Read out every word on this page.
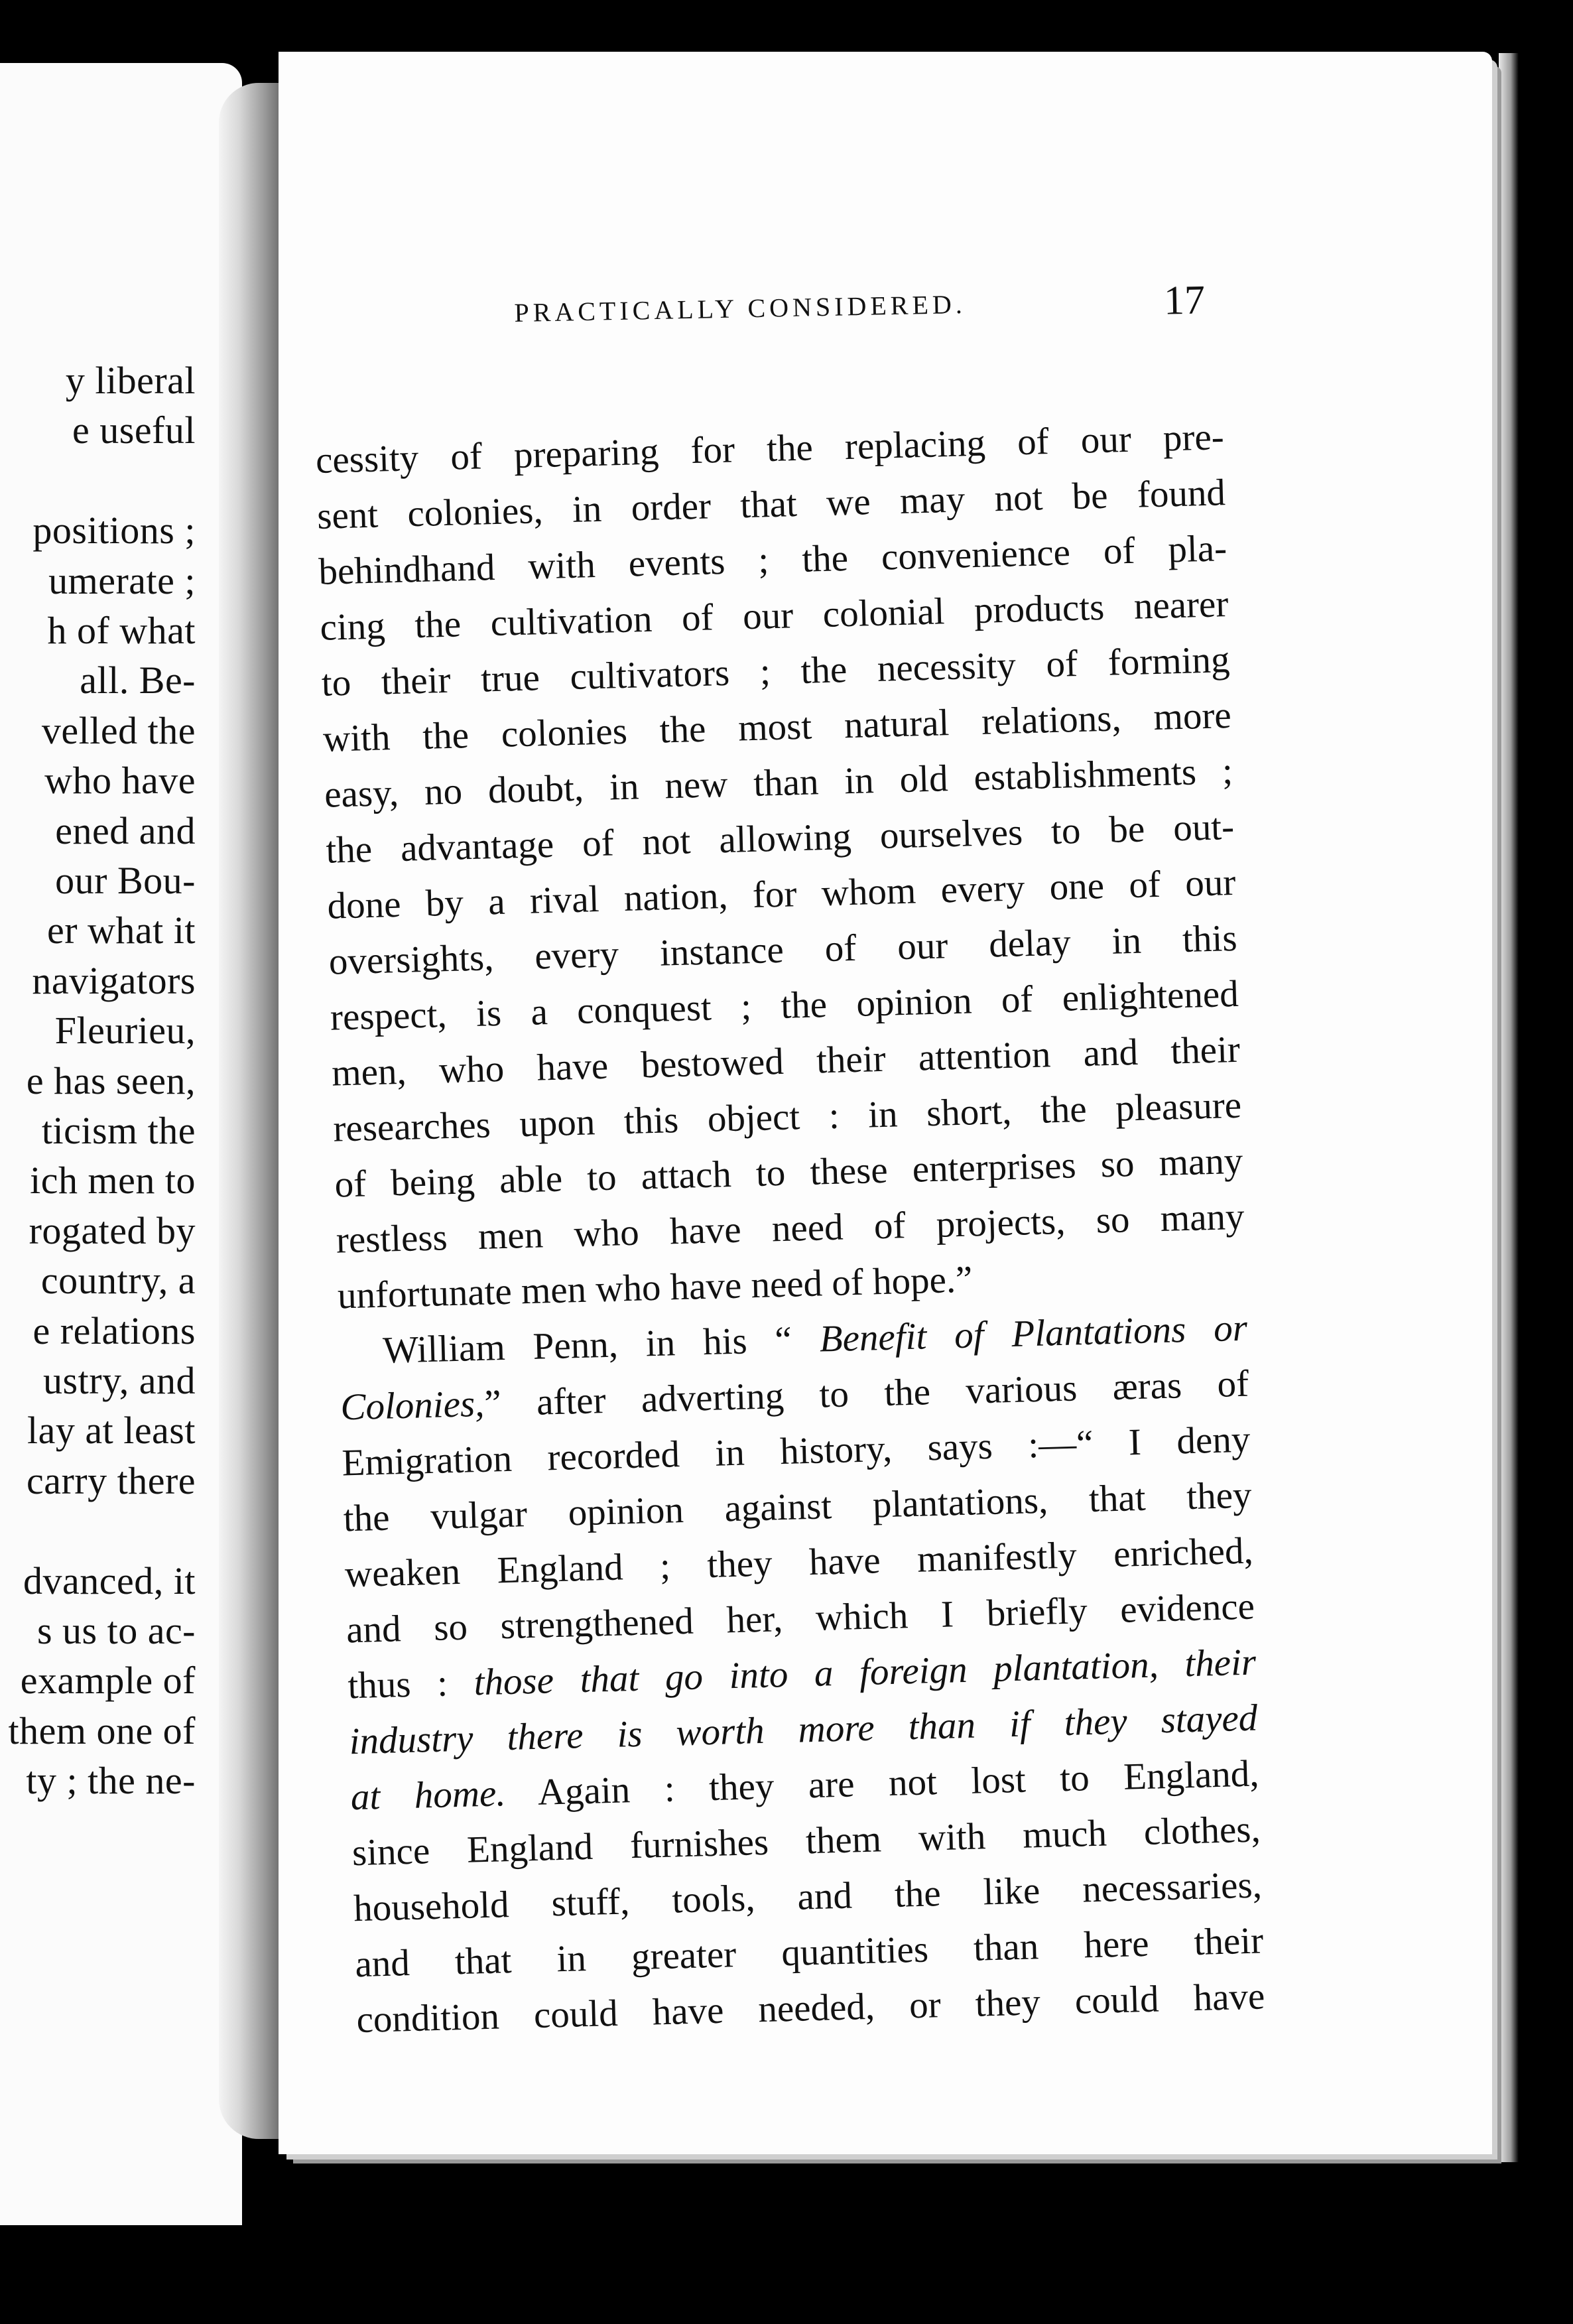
y liberal
e useful
positions ;
umerate ;
h of what
all. Be-
velled the
who have
ened and
our Bou-
er what it
navigators
Fleurieu,
e has seen,
ticism the
ich men to
rogated by
country, a
e relations
ustry, and
lay at least
carry there
dvanced, it
s us to ac-
example of
them one of
ty ; the ne-
PRACTICALLY CONSIDERED.	17
cessity of preparing for the replacing of our pre-
sent colonies, in order that we may not be found
behindhand with events ; the convenience of pla-
cing the cultivation of our colonial products nearer
to their true cultivators ; the necessity of forming
with the colonies the most natural relations, more
easy, no doubt, in new than in old establishments ;
the advantage of not allowing ourselves to be out-
done by a rival nation, for whom every one of our
oversights, every instance of our delay in this
respect, is a conquest ; the opinion of enlightened
men, who have bestowed their attention and their
researches upon this object : in short, the pleasure
of being able to attach to these enterprises so many
restless men who have need of projects, so many
unfortunate men who have need of hope.”
William Penn, in his “ Benefit of Plantations or
Colonies,” after adverting to the various æras of
Emigration recorded in history, says :—“ I deny
the vulgar opinion against plantations, that they
weaken England ; they have manifestly enriched,
and so strengthened her, which I briefly evidence
thus : those that go into a foreign plantation, their
industry there is worth more than if they stayed
at home. Again : they are not lost to England,
since England furnishes them with much clothes,
household stuff, tools, and the like necessaries,
and that in greater quantities than here their
condition could have needed, or they could have
